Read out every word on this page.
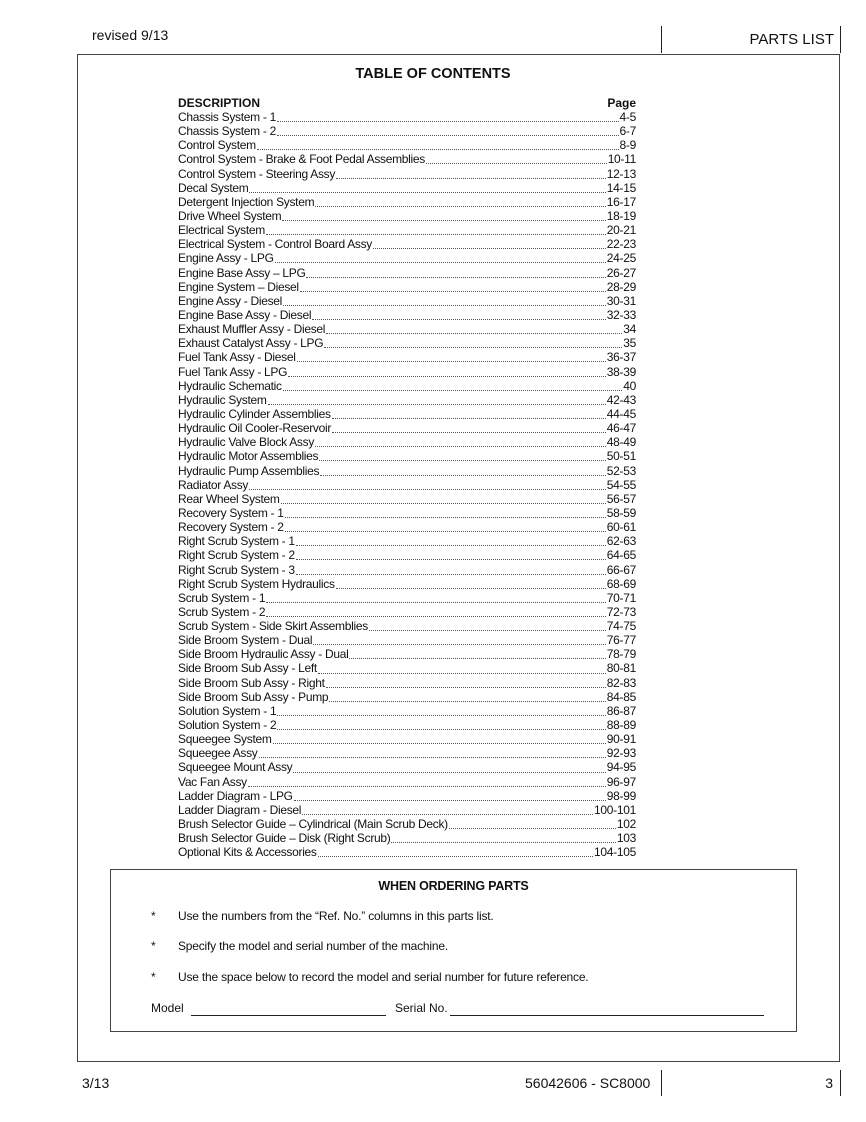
revised 9/13	PARTS LIST
TABLE OF CONTENTS
DESCRIPTION	Page
Chassis System - 1	4-5
Chassis System - 2	6-7
Control System	8-9
Control System - Brake & Foot Pedal Assemblies	10-11
Control System - Steering Assy	12-13
Decal System	14-15
Detergent Injection System	16-17
Drive Wheel System	18-19
Electrical System	20-21
Electrical System - Control Board Assy	22-23
Engine Assy - LPG	24-25
Engine Base Assy – LPG	26-27
Engine System – Diesel	28-29
Engine Assy - Diesel	30-31
Engine Base Assy - Diesel	32-33
Exhaust Muffler Assy - Diesel	34
Exhaust Catalyst Assy - LPG	35
Fuel Tank Assy - Diesel	36-37
Fuel Tank Assy - LPG	38-39
Hydraulic Schematic	40
Hydraulic System	42-43
Hydraulic Cylinder Assemblies	44-45
Hydraulic Oil Cooler-Reservoir	46-47
Hydraulic Valve Block Assy	48-49
Hydraulic Motor Assemblies	50-51
Hydraulic Pump Assemblies	52-53
Radiator Assy	54-55
Rear Wheel System	56-57
Recovery System - 1	58-59
Recovery System - 2	60-61
Right Scrub System - 1	62-63
Right Scrub System - 2	64-65
Right Scrub System - 3	66-67
Right Scrub System Hydraulics	68-69
Scrub System - 1	70-71
Scrub System - 2	72-73
Scrub System - Side Skirt Assemblies	74-75
Side Broom System - Dual	76-77
Side Broom Hydraulic Assy - Dual	78-79
Side Broom Sub Assy - Left	80-81
Side Broom Sub Assy - Right	82-83
Side Broom Sub Assy - Pump	84-85
Solution System - 1	86-87
Solution System - 2	88-89
Squeegee System	90-91
Squeegee Assy	92-93
Squeegee Mount Assy	94-95
Vac Fan Assy	96-97
Ladder Diagram - LPG	98-99
Ladder Diagram - Diesel	100-101
Brush Selector Guide – Cylindrical (Main Scrub Deck)	102
Brush Selector Guide – Disk (Right Scrub)	103
Optional Kits & Accessories	104-105
WHEN ORDERING PARTS
* Use the numbers from the “Ref. No.” columns in this parts list.
* Specify the model and serial number of the machine.
* Use the space below to record the model and serial number for future reference.
Model	Serial No.
3/13	56042606 - SC8000	3
